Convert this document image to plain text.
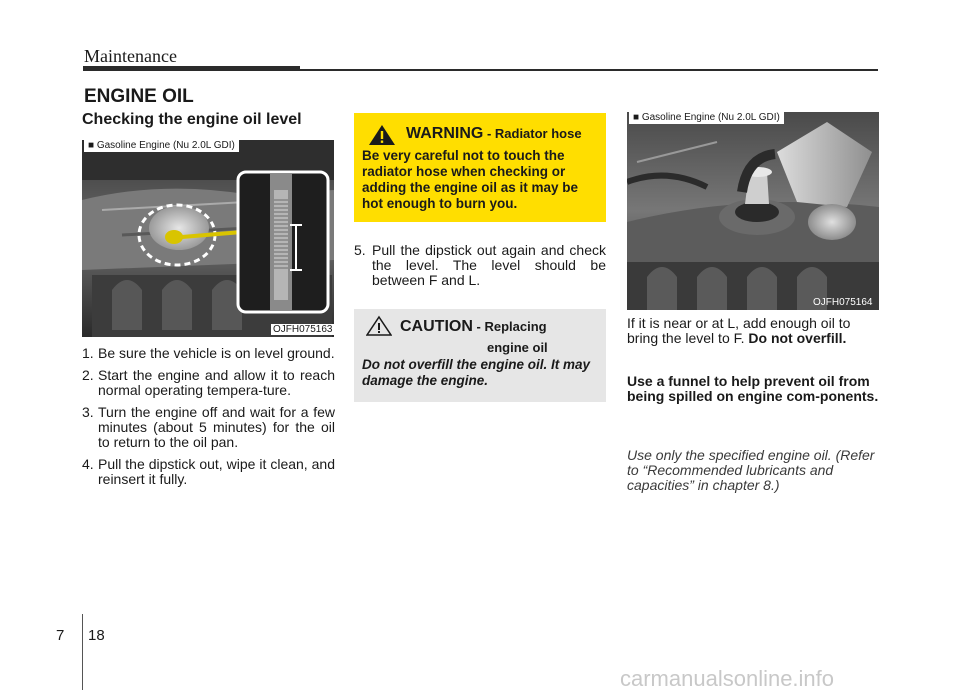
Maintenance
ENGINE OIL
Checking the engine oil level
■ Gasoline Engine (Nu 2.0L GDI)
OJFH075163
1. Be sure the vehicle is on level ground.
2. Start the engine and allow it to reach normal operating tempera-ture.
3. Turn the engine off and wait for a few minutes (about 5 minutes) for the oil to return to the oil pan.
4. Pull the dipstick out, wipe it clean, and reinsert it fully.
WARNING - Radiator hose
Be very careful not to touch the radiator hose when checking or adding the engine oil as it may be hot enough to burn you.
5. Pull the dipstick out again and check the level. The level should be between F and L.
CAUTION - Replacing
engine oil
Do not overfill the engine oil. It may damage the engine.
■ Gasoline Engine (Nu 2.0L GDI)
OJFH075164
If it is near or at L, add enough oil to bring the level to F. Do not overfill.
Use a funnel to help prevent oil from being spilled on engine com-ponents.
Use only the specified engine oil. (Refer to “Recommended lubricants and capacities” in chapter 8.)
7 18
carmanualsonline.info
